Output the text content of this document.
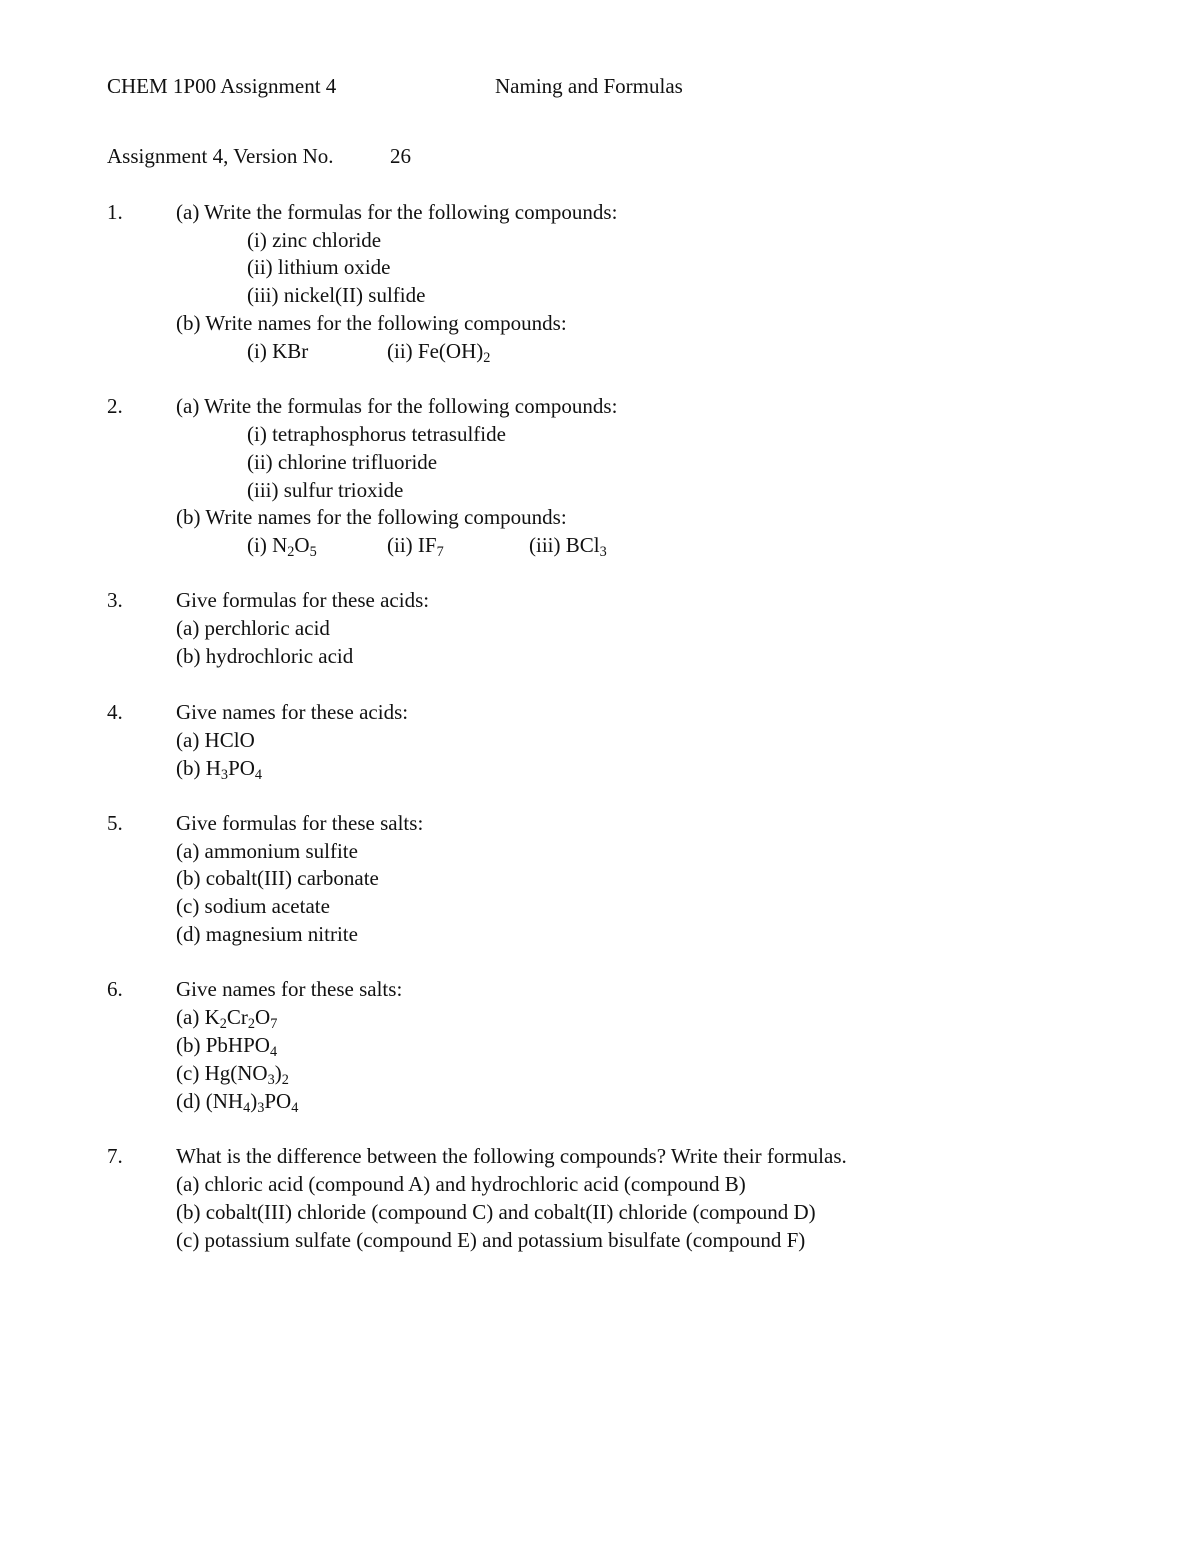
CHEM 1P00 Assignment 4	Naming and Formulas
Assignment 4, Version No.	26
1.	(a) Write the formulas for the following compounds:
(i) zinc chloride
(ii) lithium oxide
(iii) nickel(II) sulfide
(b) Write names for the following compounds:
(i) KBr	(ii) $Fe(OH)_2$
2.	(a) Write the formulas for the following compounds:
(i) tetraphosphorus tetrasulfide
(ii) chlorine trifluoride
(iii) sulfur trioxide
(b) Write names for the following compounds:
(i) $N_2O_5$	(ii) $IF_7$	(iii) BCl$_3$
3.	Give formulas for these acids:
(a) perchloric acid
(b) hydrochloric acid
4.	Give names for these acids:
(a) HClO
(b) $H_3PO_4$
5.	Give formulas for these salts:
(a) ammonium sulfite
(b) cobalt(III) carbonate
(c) sodium acetate
(d) magnesium nitrite
6.	Give names for these salts:
(a) $K_2Cr_2O_7$
(b) PbHPO$_4$
(c) $Hg(NO_3)_2$
(d) $(NH_4)_3PO_4$
7.	What is the difference between the following compounds? Write their formulas.
(a) chloric acid (compound A) and hydrochloric acid (compound B)
(b) cobalt(III) chloride (compound C) and cobalt(II) chloride (compound D)
(c) potassium sulfate (compound E) and potassium bisulfate (compound F)
